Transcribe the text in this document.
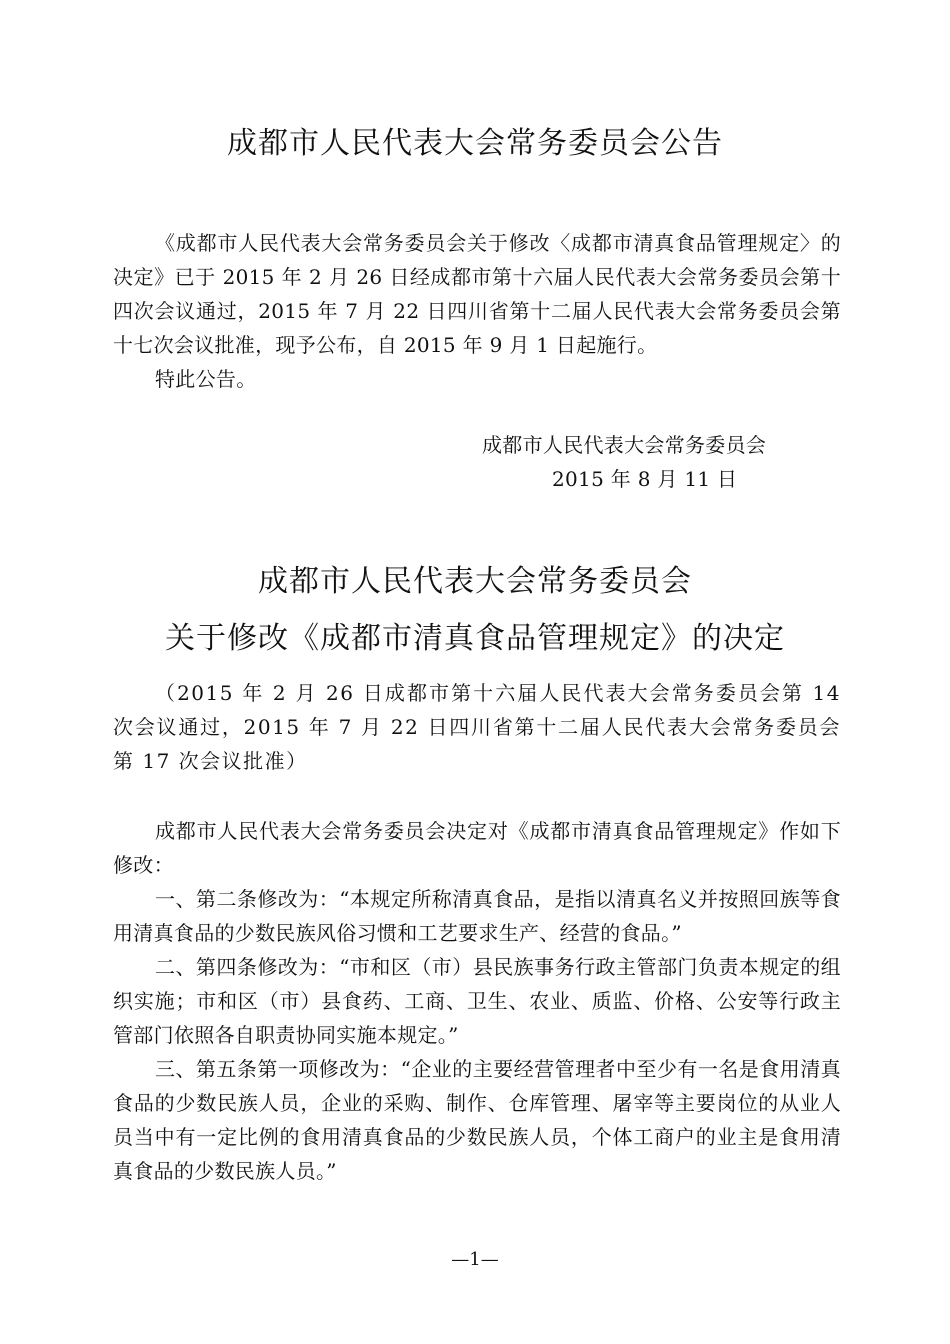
成都市人民代表大会常务委员会公告

《成都市人民代表大会常务委员会关于修改〈成都市清真食品管理规定〉的决定》已于 2015 年 2 月 26 日经成都市第十六届人民代表大会常务委员会第十四次会议通过，2015 年 7 月 22 日四川省第十二届人民代表大会常务委员会第十七次会议批准，现予公布，自 2015 年 9 月 1 日起施行。

特此公告。

成都市人民代表大会常务委员会

2015 年 8 月 11 日

成都市人民代表大会常务委员会
关于修改《成都市清真食品管理规定》的决定

（2015 年 2 月 26 日成都市第十六届人民代表大会常务委员会第 14 次会议通过，2015 年 7 月 22 日四川省第十二届人民代表大会常务委员会第 17 次会议批准）

成都市人民代表大会常务委员会决定对《成都市清真食品管理规定》作如下修改：

一、第二条修改为：“本规定所称清真食品，是指以清真名义并按照回族等食用清真食品的少数民族风俗习惯和工艺要求生产、经营的食品。”

二、第四条修改为：“市和区（市）县民族事务行政主管部门负责本规定的组织实施；市和区（市）县食药、工商、卫生、农业、质监、价格、公安等行政主管部门依照各自职责协同实施本规定。”

三、第五条第一项修改为：“企业的主要经营管理者中至少有一名是食用清真食品的少数民族人员，企业的采购、制作、仓库管理、屠宰等主要岗位的从业人员当中有一定比例的食用清真食品的少数民族人员，个体工商户的业主是食用清真食品的少数民族人员。”

—1—
